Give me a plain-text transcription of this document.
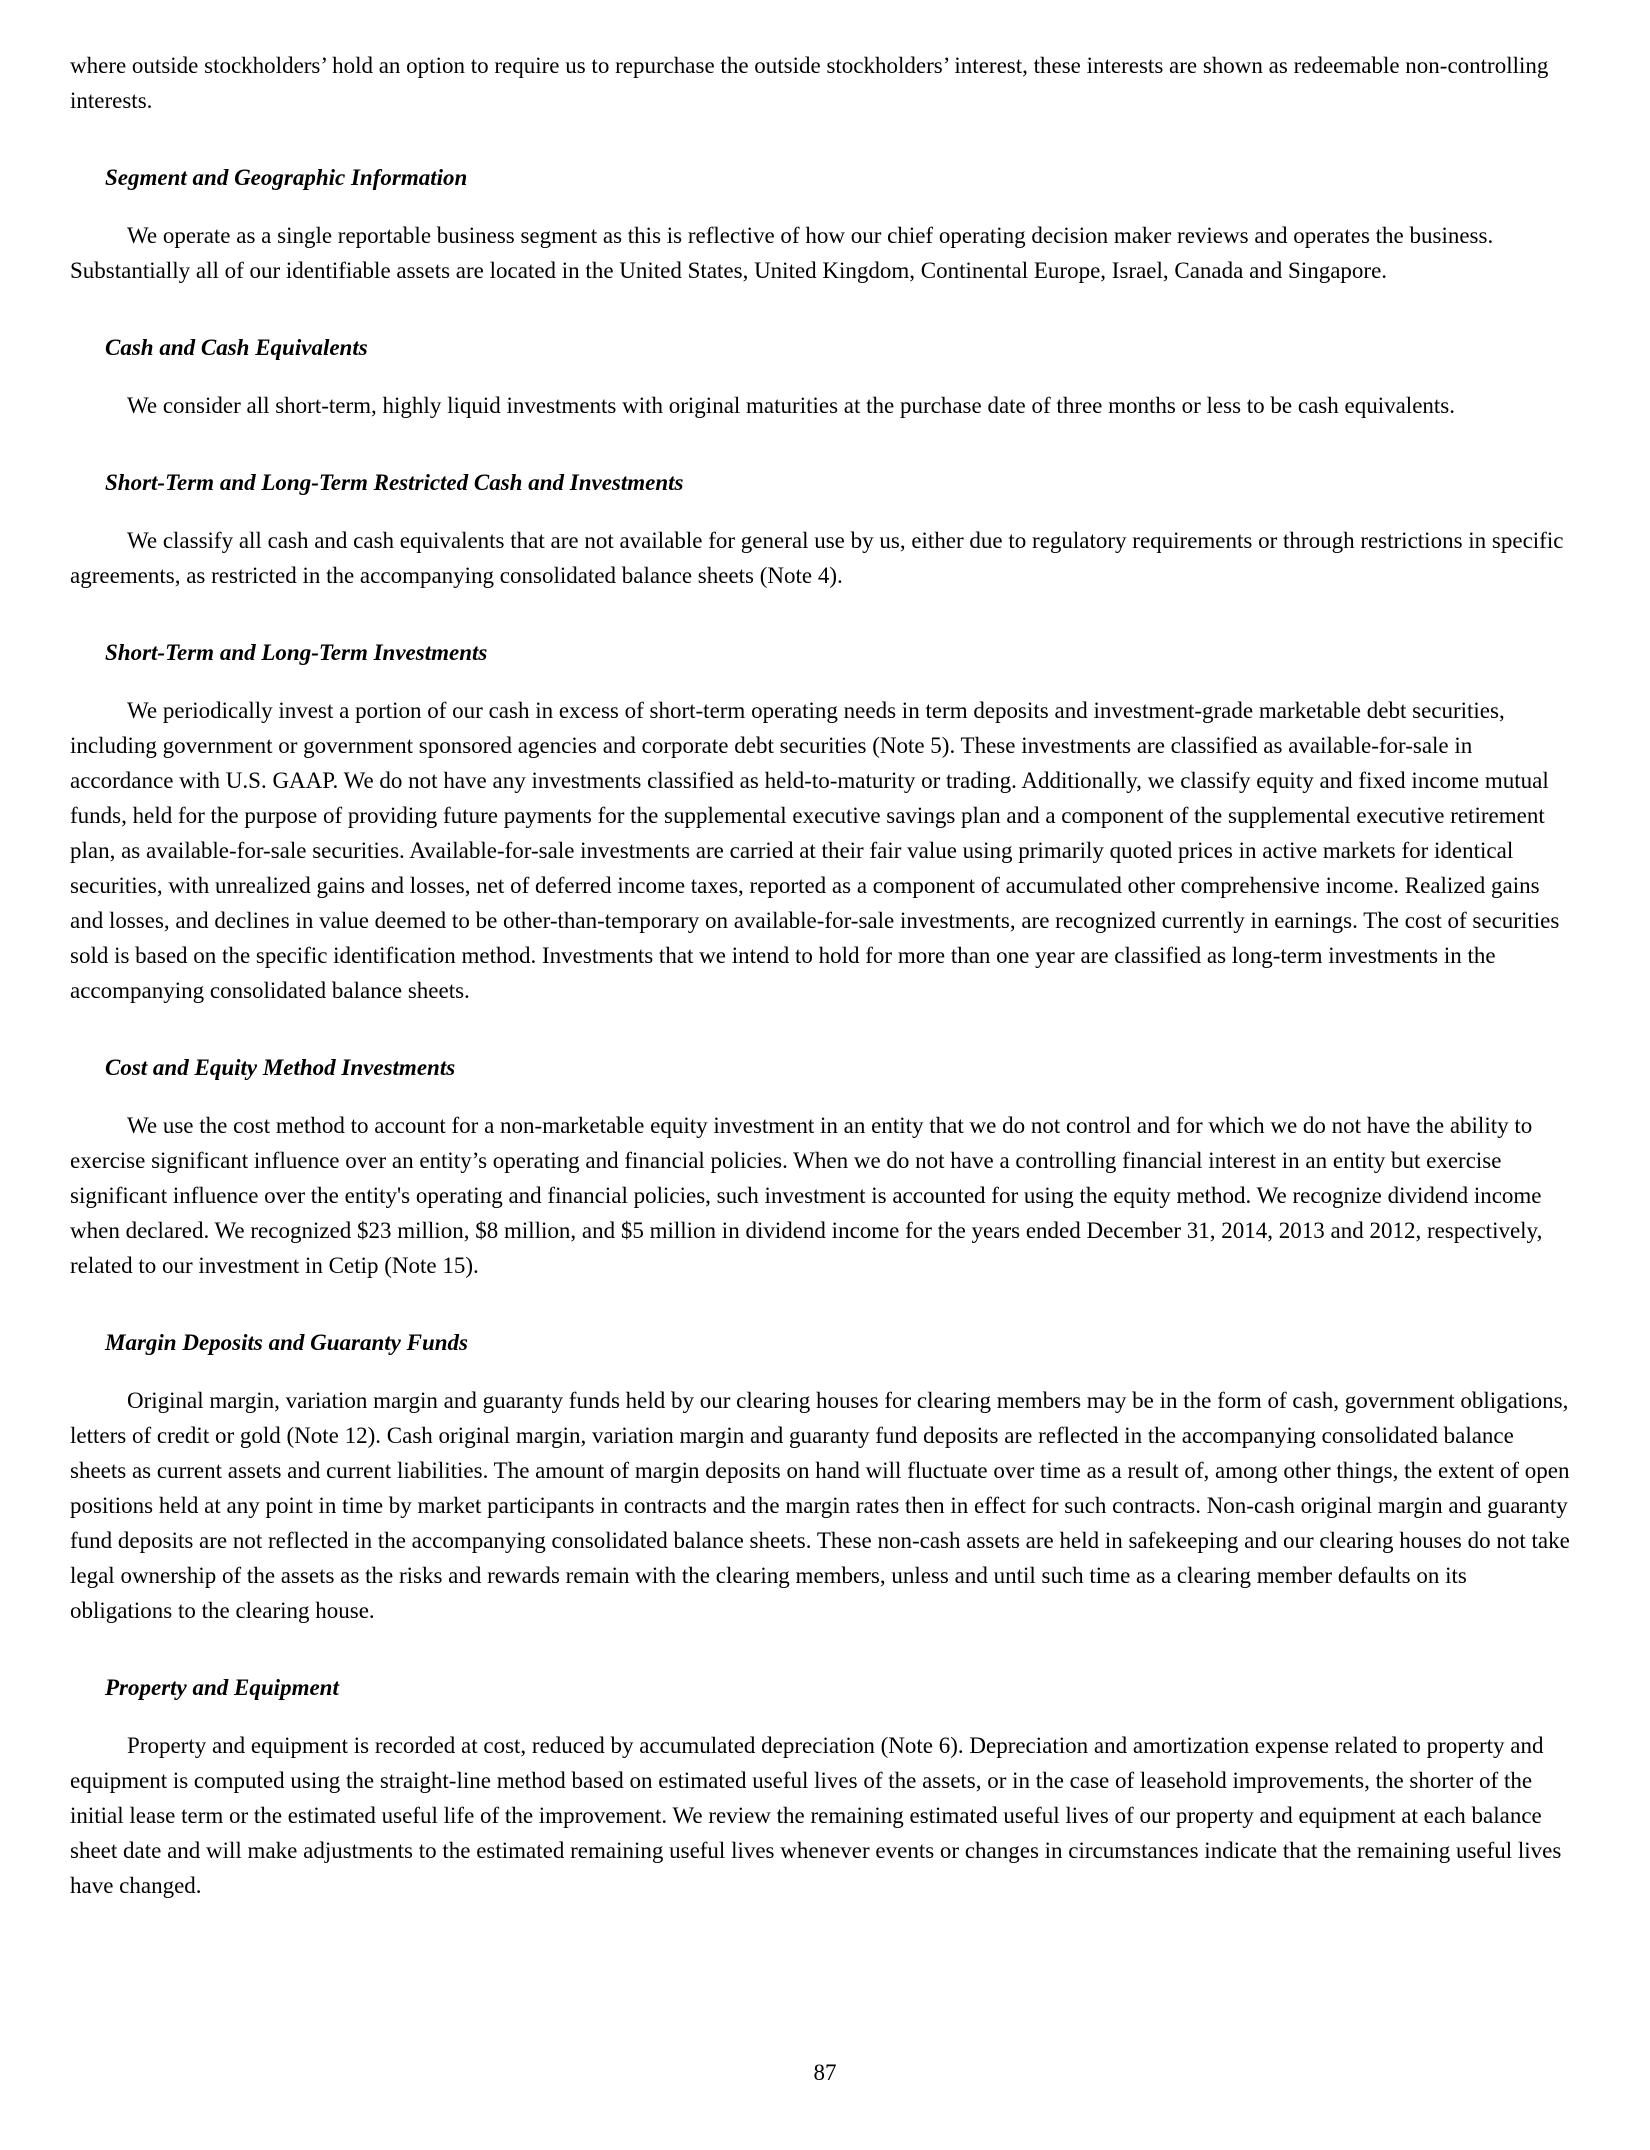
where outside stockholders’ hold an option to require us to repurchase the outside stockholders’ interest, these interests are shown as redeemable non-controlling interests.

Segment and Geographic Information

We operate as a single reportable business segment as this is reflective of how our chief operating decision maker reviews and operates the business. Substantially all of our identifiable assets are located in the United States, United Kingdom, Continental Europe, Israel, Canada and Singapore.

Cash and Cash Equivalents

We consider all short-term, highly liquid investments with original maturities at the purchase date of three months or less to be cash equivalents.

Short-Term and Long-Term Restricted Cash and Investments

We classify all cash and cash equivalents that are not available for general use by us, either due to regulatory requirements or through restrictions in specific agreements, as restricted in the accompanying consolidated balance sheets (Note 4).

Short-Term and Long-Term Investments

We periodically invest a portion of our cash in excess of short-term operating needs in term deposits and investment-grade marketable debt securities, including government or government sponsored agencies and corporate debt securities (Note 5). These investments are classified as available-for-sale in accordance with U.S. GAAP. We do not have any investments classified as held-to-maturity or trading. Additionally, we classify equity and fixed income mutual funds, held for the purpose of providing future payments for the supplemental executive savings plan and a component of the supplemental executive retirement plan, as available-for-sale securities. Available-for-sale investments are carried at their fair value using primarily quoted prices in active markets for identical securities, with unrealized gains and losses, net of deferred income taxes, reported as a component of accumulated other comprehensive income. Realized gains and losses, and declines in value deemed to be other-than-temporary on available-for-sale investments, are recognized currently in earnings. The cost of securities sold is based on the specific identification method. Investments that we intend to hold for more than one year are classified as long-term investments in the accompanying consolidated balance sheets.

Cost and Equity Method Investments

We use the cost method to account for a non-marketable equity investment in an entity that we do not control and for which we do not have the ability to exercise significant influence over an entity’s operating and financial policies. When we do not have a controlling financial interest in an entity but exercise significant influence over the entity's operating and financial policies, such investment is accounted for using the equity method. We recognize dividend income when declared. We recognized $23 million, $8 million, and $5 million in dividend income for the years ended December 31, 2014, 2013 and 2012, respectively, related to our investment in Cetip (Note 15).

Margin Deposits and Guaranty Funds

Original margin, variation margin and guaranty funds held by our clearing houses for clearing members may be in the form of cash, government obligations, letters of credit or gold (Note 12). Cash original margin, variation margin and guaranty fund deposits are reflected in the accompanying consolidated balance sheets as current assets and current liabilities. The amount of margin deposits on hand will fluctuate over time as a result of, among other things, the extent of open positions held at any point in time by market participants in contracts and the margin rates then in effect for such contracts. Non-cash original margin and guaranty fund deposits are not reflected in the accompanying consolidated balance sheets. These non-cash assets are held in safekeeping and our clearing houses do not take legal ownership of the assets as the risks and rewards remain with the clearing members, unless and until such time as a clearing member defaults on its obligations to the clearing house.

Property and Equipment

Property and equipment is recorded at cost, reduced by accumulated depreciation (Note 6). Depreciation and amortization expense related to property and equipment is computed using the straight-line method based on estimated useful lives of the assets, or in the case of leasehold improvements, the shorter of the initial lease term or the estimated useful life of the improvement. We review the remaining estimated useful lives of our property and equipment at each balance sheet date and will make adjustments to the estimated remaining useful lives whenever events or changes in circumstances indicate that the remaining useful lives have changed.

87
